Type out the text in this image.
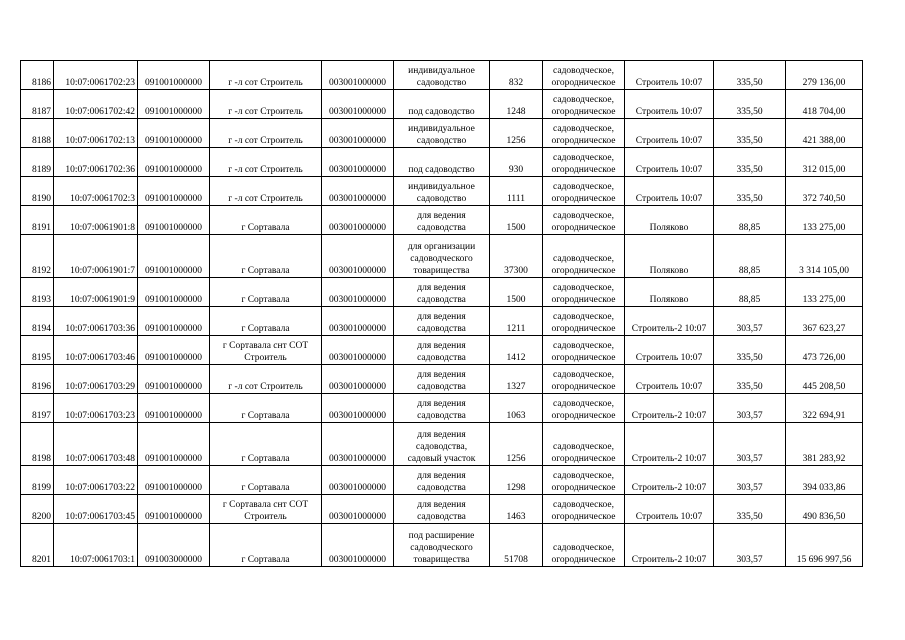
8186	10:07:0061702:23	091001000000	г -л сот Строитель	003001000000	индивидуальное
садоводство	832	садоводческое,
огородническое	Строитель 10:07	335,50	279 136,00

8187	10:07:0061702:42	091001000000	г -л сот Строитель	003001000000	под садоводство	1248	садоводческое,
огородническое	Строитель 10:07	335,50	418 704,00

8188	10:07:0061702:13	091001000000	г -л сот Строитель	003001000000	индивидуальное
садоводство	1256	садоводческое,
огородническое	Строитель 10:07	335,50	421 388,00

8189	10:07:0061702:36	091001000000	г -л сот Строитель	003001000000	под садоводство	930	садоводческое,
огородническое	Строитель 10:07	335,50	312 015,00

8190	10:07:0061702:3	091001000000	г -л сот Строитель	003001000000	индивидуальное
садоводство	1111	садоводческое,
огородническое	Строитель 10:07	335,50	372 740,50

8191	10:07:0061901:8	091001000000	г Сортавала	003001000000	для ведения
садоводства	1500	садоводческое,
огородническое	Поляково	88,85	133 275,00

8192	10:07:0061901:7	091001000000	г Сортавала	003001000000	для организации
садоводческого
товарищества	37300	садоводческое,
огородническое	Поляково	88,85	3 314 105,00

8193	10:07:0061901:9	091001000000	г Сортавала	003001000000	для ведения
садоводства	1500	садоводческое,
огородническое	Поляково	88,85	133 275,00

8194	10:07:0061703:36	091001000000	г Сортавала	003001000000	для ведения
садоводства	1211	садоводческое,
огородническое	Строитель-2 10:07	303,57	367 623,27

8195	10:07:0061703:46	091001000000	г Сортавала снт СОТ
Строитель	003001000000	для ведения
садоводства	1412	садоводческое,
огородническое	Строитель 10:07	335,50	473 726,00

8196	10:07:0061703:29	091001000000	г -л сот Строитель	003001000000	для ведения
садоводства	1327	садоводческое,
огородническое	Строитель 10:07	335,50	445 208,50

8197	10:07:0061703:23	091001000000	г Сортавала	003001000000	для ведения
садоводства	1063	садоводческое,
огородническое	Строитель-2 10:07	303,57	322 694,91

8198	10:07:0061703:48	091001000000	г Сортавала	003001000000	для ведения
садоводства,
садовый участок	1256	садоводческое,
огородническое	Строитель-2 10:07	303,57	381 283,92

8199	10:07:0061703:22	091001000000	г Сортавала	003001000000	для ведения
садоводства	1298	садоводческое,
огородническое	Строитель-2 10:07	303,57	394 033,86

8200	10:07:0061703:45	091001000000	г Сортавала снт СОТ
Строитель	003001000000	для ведения
садоводства	1463	садоводческое,
огородническое	Строитель 10:07	335,50	490 836,50

8201	10:07:0061703:1	091003000000	г Сортавала	003001000000	под расширение
садоводческого
товарищества	51708	садоводческое,
огородническое	Строитель-2 10:07	303,57	15 696 997,56
